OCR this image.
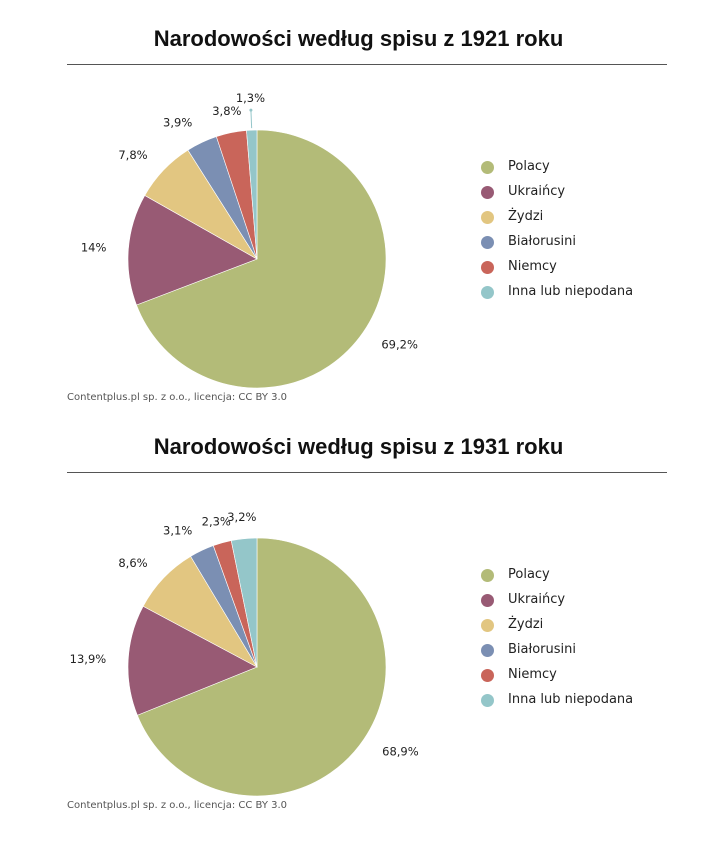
Narodowości według spisu z 1921 roku
69,2%
14%
7,8%
3,9%
3,8%
1,3%
Polacy
Ukraińcy
Żydzi
Białorusini
Niemcy
Inna lub niepodana
Contentplus.pl sp. z o.o., licencja: CC BY 3.0
Narodowości według spisu z 1931 roku
68,9%
13,9%
8,6%
3,1%
2,3%
3,2%
Polacy
Ukraińcy
Żydzi
Białorusini
Niemcy
Inna lub niepodana
Contentplus.pl sp. z o.o., licencja: CC BY 3.0
